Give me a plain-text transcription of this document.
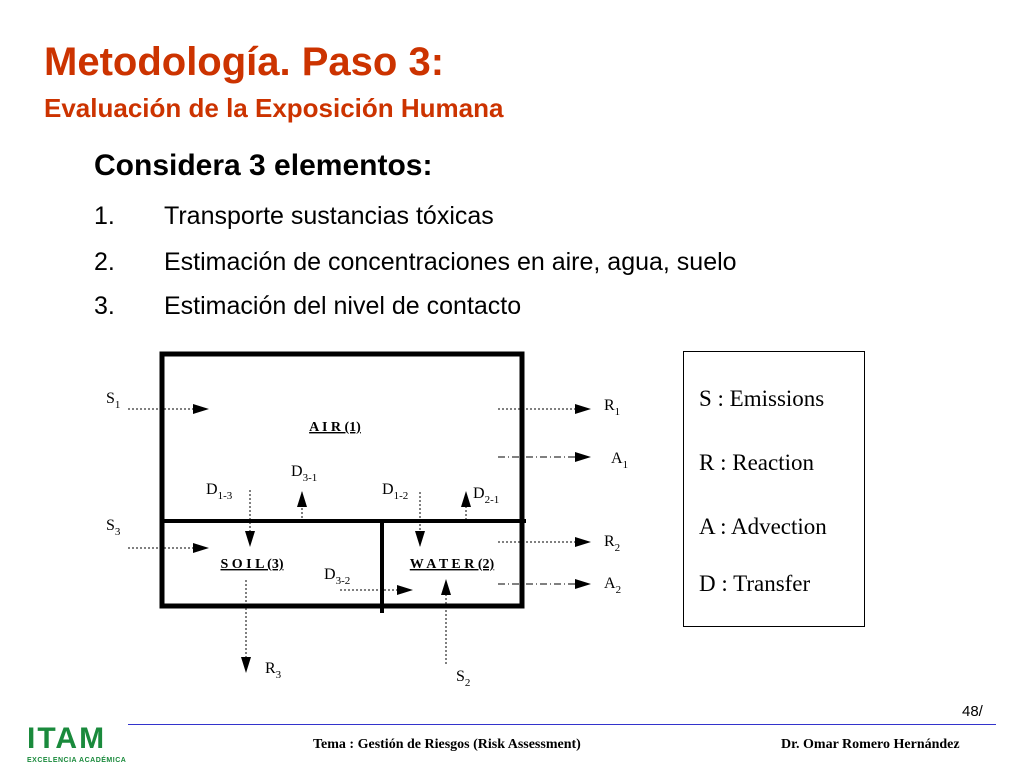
Metodología. Paso 3:
Evaluación de la Exposición Humana
Considera 3 elementos:
1. Transporte sustancias tóxicas
2. Estimación de concentraciones en aire, agua, suelo
3. Estimación del nivel de contacto
A I R (1)
S O I L (3)	W A T E R (2)
$S_1$
$S_3$
$S_2$
$R_1$
$A_1$
$R_2$
$A_2$
$R_3$
$D_{1-3}$
$D_{3-1}$
$D_{1-2}$	$D_{2-1}$
$D_{3-2}$
S : Emissions
R : Reaction
A : Advection
D : Transfer
48/
ITAM
EXCELENCIA ACADÉMICA
Tema : Gestión de Riesgos (Risk Assessment)	Dr. Omar Romero Hernández
